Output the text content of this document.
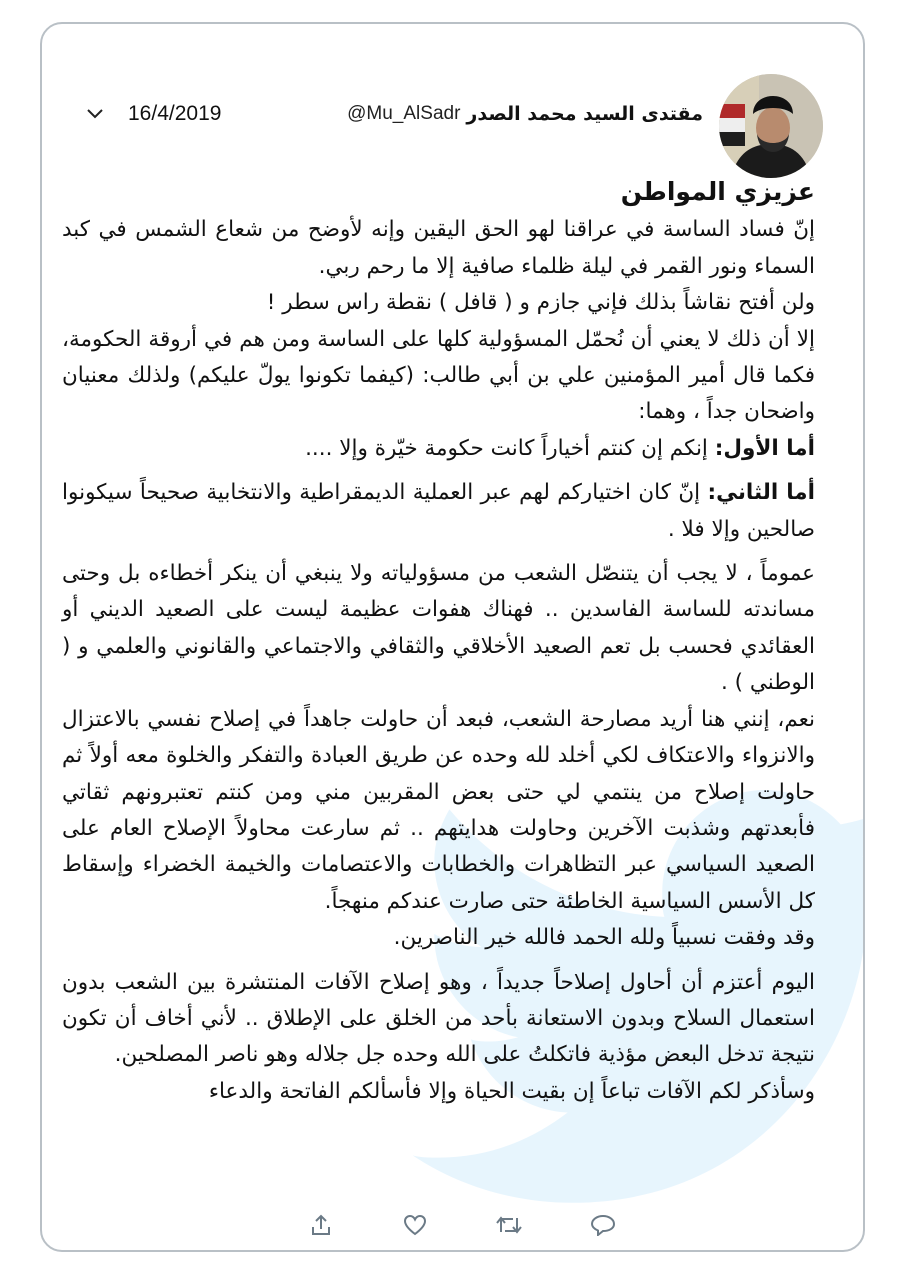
16/4/2019	@Mu_AlSadr مقتدى السيد محمد الصدر
عزيزي المواطن

إنّ فساد الساسة في عراقنا لهو الحق اليقين وإنه لأوضح من شعاع الشمس في كبد السماء ونور القمر في ليلة ظلماء صافية إلا ما رحم ربي.

ولن أفتح نقاشاً بذلك فإني جازم و ( قافل ) نقطة راس سطر !

إلا أن ذلك لا يعني أن نُحمّل المسؤولية كلها على الساسة ومن هم في أروقة الحكومة، فكما قال أمير المؤمنين علي بن أبي طالب: (كيفما تكونوا يولّ عليكم) ولذلك معنيان واضحان جداً ، وهما:

أما الأول: إنكم إن كنتم أخياراً كانت حكومة خيّرة وإلا ....

أما الثاني: إنّ كان اختياركم لهم عبر العملية الديمقراطية والانتخابية صحيحاً سيكونوا صالحين وإلا فلا .

عموماً ، لا يجب أن يتنصّل الشعب من مسؤولياته ولا ينبغي أن ينكر أخطاءه بل وحتى مساندته للساسة الفاسدين .. فهناك هفوات عظيمة ليست على الصعيد الديني أو العقائدي فحسب بل تعم الصعيد الأخلاقي والثقافي والاجتماعي والقانوني والعلمي و ( الوطني ) .

نعم، إنني هنا أريد مصارحة الشعب، فبعد أن حاولت جاهداً في إصلاح نفسي بالاعتزال والانزواء والاعتكاف لكي أخلد لله وحده عن طريق العبادة والتفكر والخلوة معه أولاً ثم حاولت إصلاح من ينتمي لي حتى بعض المقربين مني ومن كنتم تعتبرونهم ثقاتي فأبعدتهم وشذبت الآخرين وحاولت هدايتهم .. ثم سارعت محاولاً الإصلاح العام على الصعيد السياسي عبر التظاهرات والخطابات والاعتصامات والخيمة الخضراء وإسقاط كل الأسس السياسية الخاطئة حتى صارت عندكم منهجاً.

وقد وفقت نسبياً ولله الحمد فالله خير الناصرين.

اليوم أعتزم أن أحاول إصلاحاً جديداً ، وهو إصلاح الآفات المنتشرة بين الشعب بدون استعمال السلاح وبدون الاستعانة بأحد من الخلق على الإطلاق .. لأني أخاف أن تكون نتيجة تدخل البعض مؤذية فاتكلتُ على الله وحده جل جلاله وهو ناصر المصلحين.

وسأذكر لكم الآفات تباعاً إن بقيت الحياة وإلا فأسألكم الفاتحة والدعاء
